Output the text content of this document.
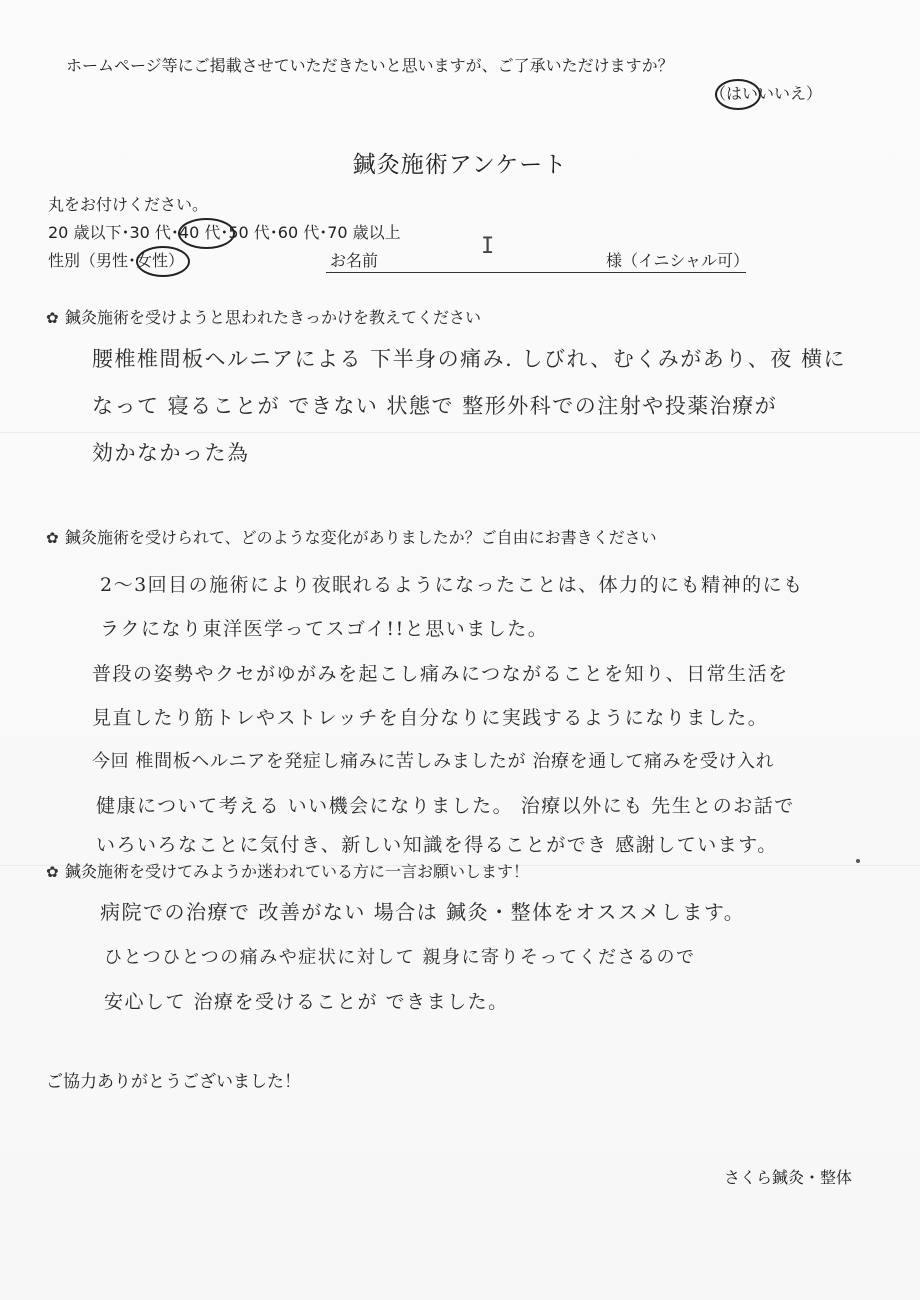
ホームページ等にご掲載させていただきたいと思いますが、ご了承いただけますか？
（はいいいえ）
鍼灸施術アンケート
丸をお付けください。
20 歳以下･30 代･40 代･50 代･60 代･70 歳以上
性別（男性･女性）	お名前
I
様（イニシャル可）
✿ 鍼灸施術を受けようと思われたきっかけを教えてください
腰椎椎間板ヘルニアによる 下半身の痛み. しびれ、むくみがあり、夜 横に
なって 寝ることが できない 状態で 整形外科での注射や投薬治療が
効かなかった為
✿ 鍼灸施術を受けられて、どのような変化がありましたか？ご自由にお書きください
2～3回目の施術により夜眠れるようになったことは、体力的にも精神的にも
ラクになり東洋医学ってスゴイ!!と思いました。
普段の姿勢やクセがゆがみを起こし痛みにつながることを知り、日常生活を
見直したり筋トレやストレッチを自分なりに実践するようになりました。
今回 椎間板ヘルニアを発症し痛みに苦しみましたが 治療を通して痛みを受け入れ
健康について考える いい機会になりました。 治療以外にも 先生とのお話で
いろいろなことに気付き、新しい知識を得ることができ 感謝しています。
✿ 鍼灸施術を受けてみようか迷われている方に一言お願いします！
病院での治療で 改善がない 場合は 鍼灸・整体をオススメします。
ひとつひとつの痛みや症状に対して 親身に寄りそってくださるので
安心して 治療を受けることが できました。
ご協力ありがとうございました！
さくら鍼灸・整体
